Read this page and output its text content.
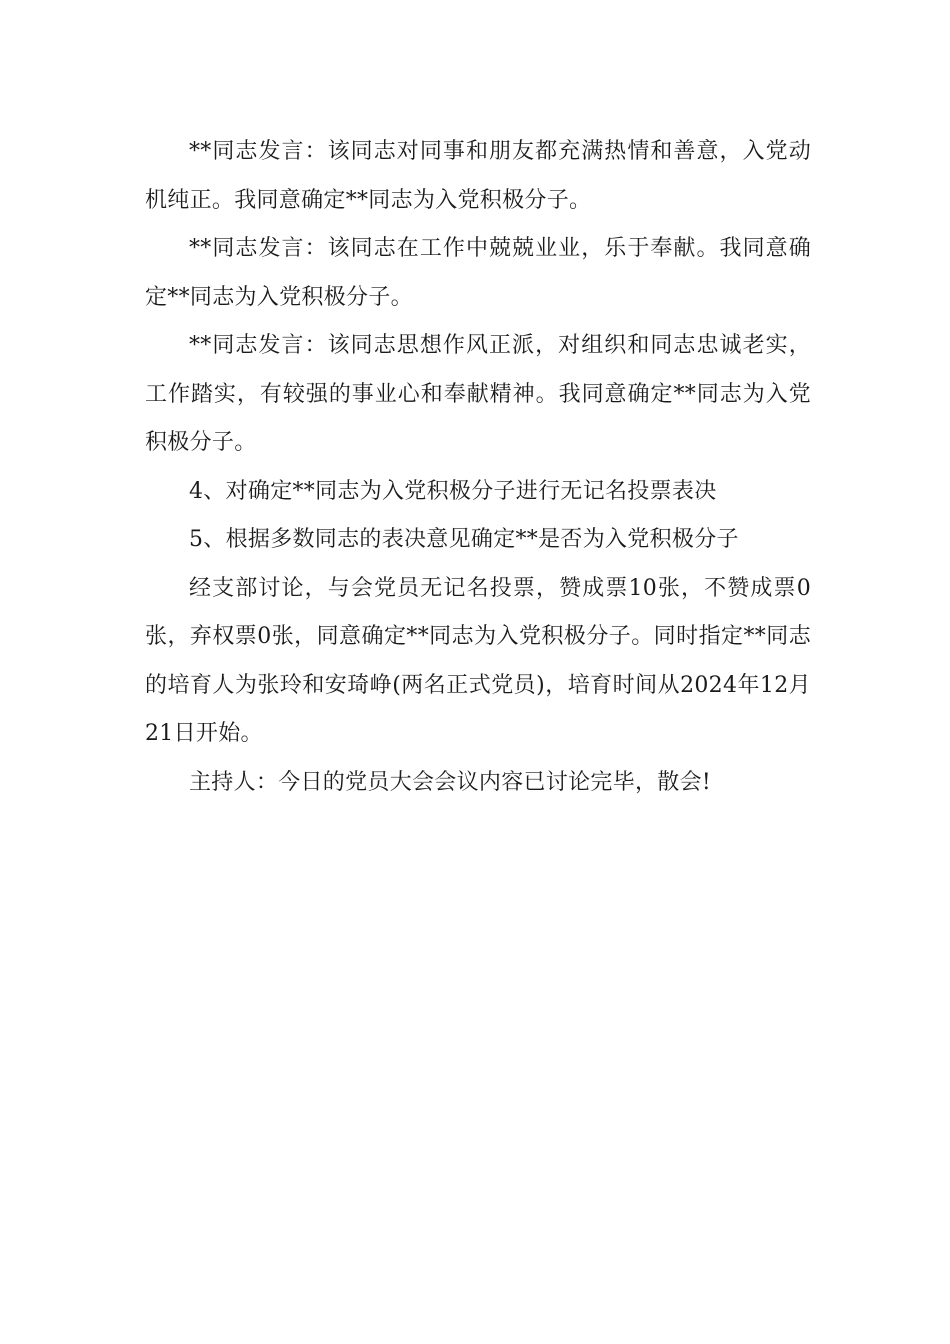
**同志发言：该同志对同事和朋友都充满热情和善意，入党动机纯正。我同意确定**同志为入党积极分子。

**同志发言：该同志在工作中兢兢业业，乐于奉献。我同意确定**同志为入党积极分子。

**同志发言：该同志思想作风正派，对组织和同志忠诚老实，工作踏实，有较强的事业心和奉献精神。我同意确定**同志为入党积极分子。

4、对确定**同志为入党积极分子进行无记名投票表决

5、根据多数同志的表决意见确定**是否为入党积极分子

经支部讨论，与会党员无记名投票，赞成票10张，不赞成票0张，弃权票0张，同意确定**同志为入党积极分子。同时指定**同志的培育人为张玲和安琦峥(两名正式党员)，培育时间从2024年12月21日开始。

主持人：今日的党员大会会议内容已讨论完毕，散会!
